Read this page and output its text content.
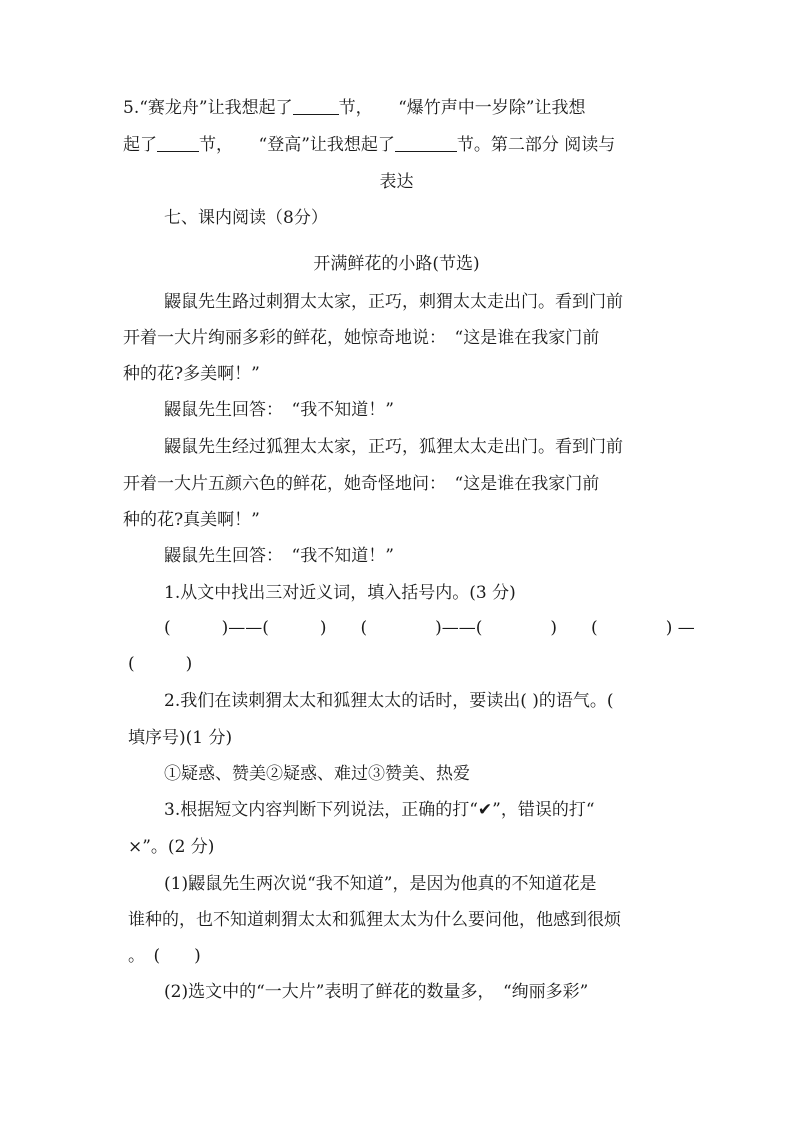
5.“赛龙舟”让我想起了	节，　　“爆竹声中一岁除”让我想
起了 节，　　“登高”让我想起了	节。第二部分 阅读与
表达
七、课内阅读（8分）
开满鲜花的小路(节选)
鼹鼠先生路过刺猬太太家，正巧，刺猬太太走出门。看到门前
开着一大片绚丽多彩的鲜花，她惊奇地说：　“这是谁在我家门前
种的花?多美啊！”
鼹鼠先生回答：　“我不知道！”
鼹鼠先生经过狐狸太太家，正巧，狐狸太太走出门。看到门前
开着一大片五颜六色的鲜花，她奇怪地问：　“这是谁在我家门前
种的花?真美啊！”
鼹鼠先生回答：　“我不知道！”
1.从文中找出三对近义词，填入括号内。(3 分)
(　　　)——(　　　)　　(　　　　)——(　　　　)　　(　　　　) —
(　　　)
2.我们在读刺猬太太和狐狸太太的话时，要读出( )的语气。(
填序号)(1 分)
①疑惑、赞美②疑惑、难过③赞美、热爱
3.根据短文内容判断下列说法，正确的打“✔”，错误的打“
×”。(2 分)
(1)鼹鼠先生两次说“我不知道”，是因为他真的不知道花是
谁种的，也不知道刺猬太太和狐狸太太为什么要问他，他感到很烦
。　(　　)
(2)选文中的“一大片”表明了鲜花的数量多，　“绚丽多彩”
